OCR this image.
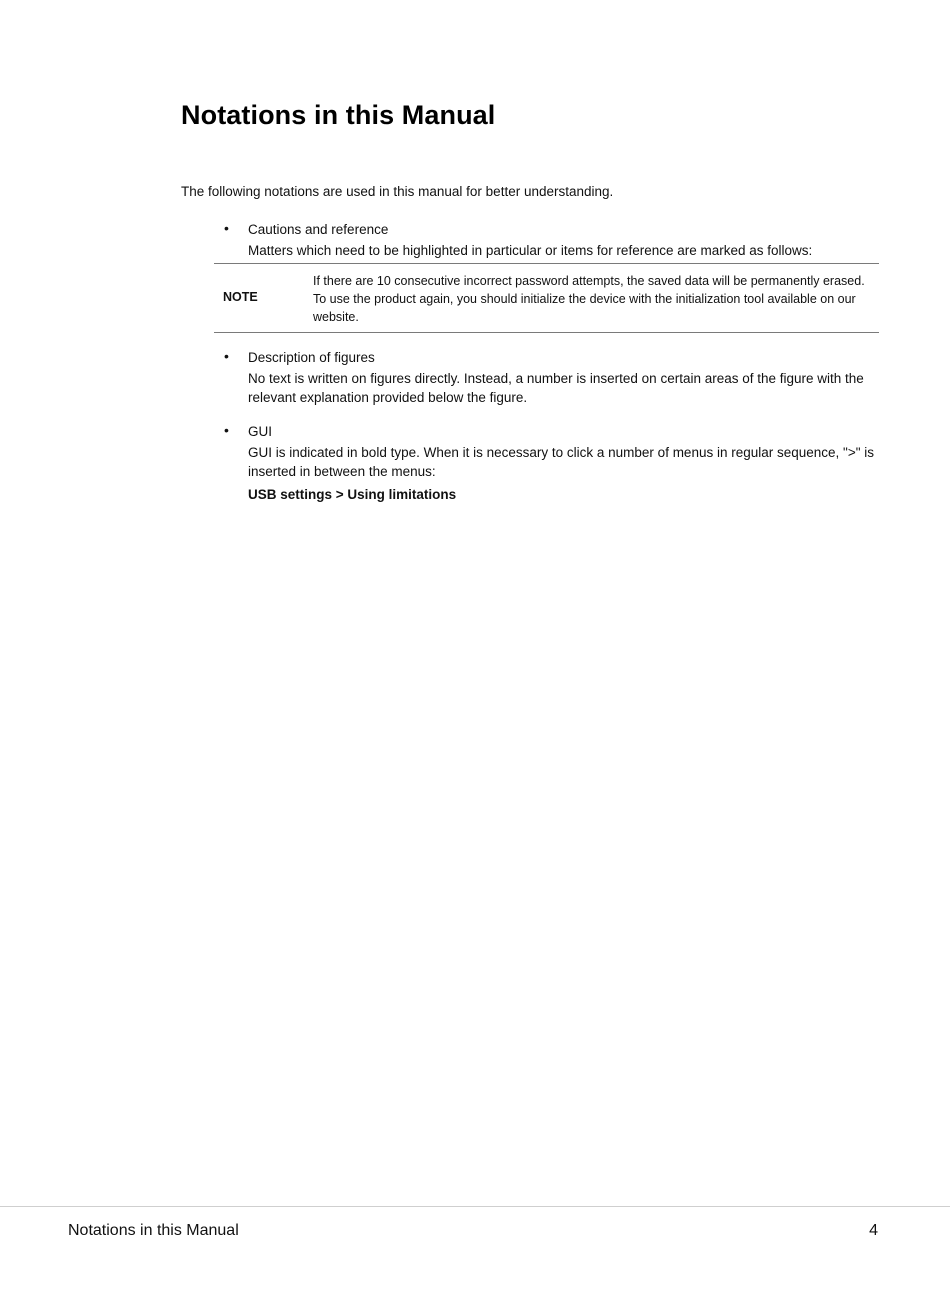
Notations in this Manual

The following notations are used in this manual for better understanding.

• Cautions and reference
Matters which need to be highlighted in particular or items for reference are marked as follows:
NOTE
If there are 10 consecutive incorrect password attempts, the saved data will be permanently erased. To use the product again, you should initialize the device with the initialization tool available on our website.
• Description of figures
No text is written on figures directly. Instead, a number is inserted on certain areas of the figure with the relevant explanation provided below the figure.
• GUI
GUI is indicated in bold type. When it is necessary to click a number of menus in regular sequence, ">" is inserted in between the menus:
USB settings > Using limitations
Notations in this Manual	4
